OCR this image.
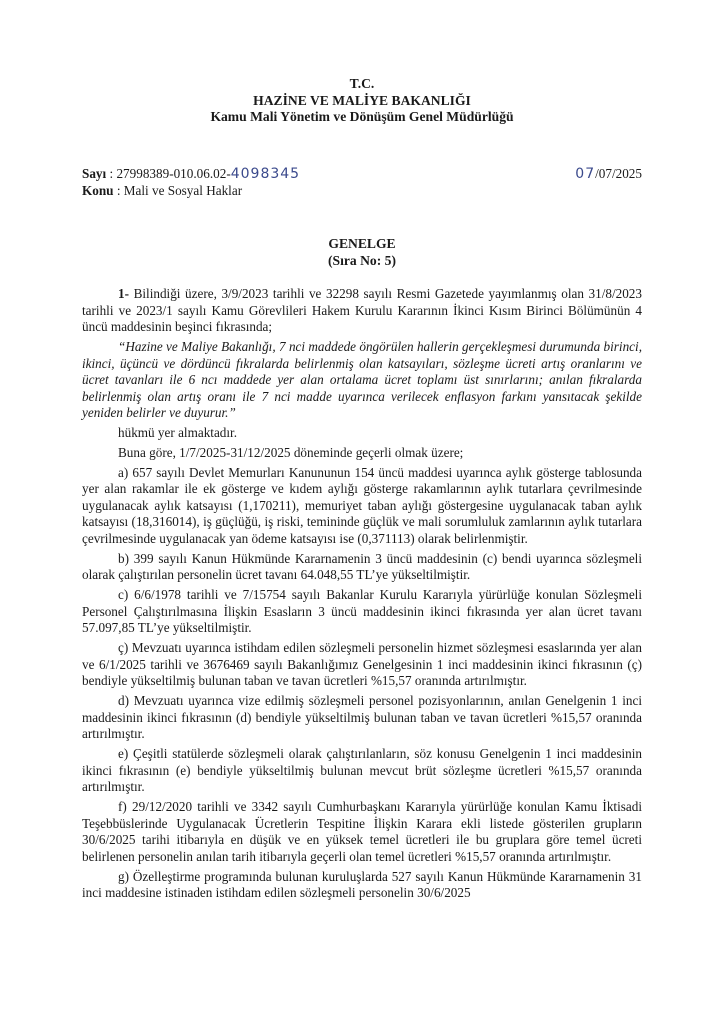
T.C.
HAZİNE VE MALİYE BAKANLIĞI
Kamu Mali Yönetim ve Dönüşüm Genel Müdürlüğü
Sayı : 27998389-010.06.02-4098345	07/07/2025
Konu : Mali ve Sosyal Haklar
GENELGE
(Sıra No: 5)

1- Bilindiği üzere, 3/9/2023 tarihli ve 32298 sayılı Resmi Gazetede yayımlanmış olan 31/8/2023 tarihli ve 2023/1 sayılı Kamu Görevlileri Hakem Kurulu Kararının İkinci Kısım Birinci Bölümünün 4 üncü maddesinin beşinci fıkrasında;

“Hazine ve Maliye Bakanlığı, 7 nci maddede öngörülen hallerin gerçekleşmesi durumunda birinci, ikinci, üçüncü ve dördüncü fıkralarda belirlenmiş olan katsayıları, sözleşme ücreti artış oranlarını ve ücret tavanları ile 6 ncı maddede yer alan ortalama ücret toplamı üst sınırlarını; anılan fıkralarda belirlenmiş olan artış oranı ile 7 nci madde uyarınca verilecek enflasyon farkını yansıtacak şekilde yeniden belirler ve duyurur.”

hükmü yer almaktadır.

Buna göre, 1/7/2025-31/12/2025 döneminde geçerli olmak üzere;

a) 657 sayılı Devlet Memurları Kanununun 154 üncü maddesi uyarınca aylık gösterge tablosunda yer alan rakamlar ile ek gösterge ve kıdem aylığı gösterge rakamlarının aylık tutarlara çevrilmesinde uygulanacak aylık katsayısı (1,170211), memuriyet taban aylığı göstergesine uygulanacak taban aylık katsayısı (18,316014), iş güçlüğü, iş riski, temininde güçlük ve mali sorumluluk zamlarının aylık tutarlara çevrilmesinde uygulanacak yan ödeme katsayısı ise (0,371113) olarak belirlenmiştir.

b) 399 sayılı Kanun Hükmünde Kararnamenin 3 üncü maddesinin (c) bendi uyarınca sözleşmeli olarak çalıştırılan personelin ücret tavanı 64.048,55 TL’ye yükseltilmiştir.

c) 6/6/1978 tarihli ve 7/15754 sayılı Bakanlar Kurulu Kararıyla yürürlüğe konulan Sözleşmeli Personel Çalıştırılmasına İlişkin Esasların 3 üncü maddesinin ikinci fıkrasında yer alan ücret tavanı 57.097,85 TL’ye yükseltilmiştir.

ç) Mevzuatı uyarınca istihdam edilen sözleşmeli personelin hizmet sözleşmesi esaslarında yer alan ve 6/1/2025 tarihli ve 3676469 sayılı Bakanlığımız Genelgesinin 1 inci maddesinin ikinci fıkrasının (ç) bendiyle yükseltilmiş bulunan taban ve tavan ücretleri %15,57 oranında artırılmıştır.

d) Mevzuatı uyarınca vize edilmiş sözleşmeli personel pozisyonlarının, anılan Genelgenin 1 inci maddesinin ikinci fıkrasının (d) bendiyle yükseltilmiş bulunan taban ve tavan ücretleri %15,57 oranında artırılmıştır.

e) Çeşitli statülerde sözleşmeli olarak çalıştırılanların, söz konusu Genelgenin 1 inci maddesinin ikinci fıkrasının (e) bendiyle yükseltilmiş bulunan mevcut brüt sözleşme ücretleri %15,57 oranında artırılmıştır.

f) 29/12/2020 tarihli ve 3342 sayılı Cumhurbaşkanı Kararıyla yürürlüğe konulan Kamu İktisadi Teşebbüslerinde Uygulanacak Ücretlerin Tespitine İlişkin Karara ekli listede gösterilen grupların 30/6/2025 tarihi itibarıyla en düşük ve en yüksek temel ücretleri ile bu gruplara göre temel ücreti belirlenen personelin anılan tarih itibarıyla geçerli olan temel ücretleri %15,57 oranında artırılmıştır.

g) Özelleştirme programında bulunan kuruluşlarda 527 sayılı Kanun Hükmünde Kararnamenin 31 inci maddesine istinaden istihdam edilen sözleşmeli personelin 30/6/2025
